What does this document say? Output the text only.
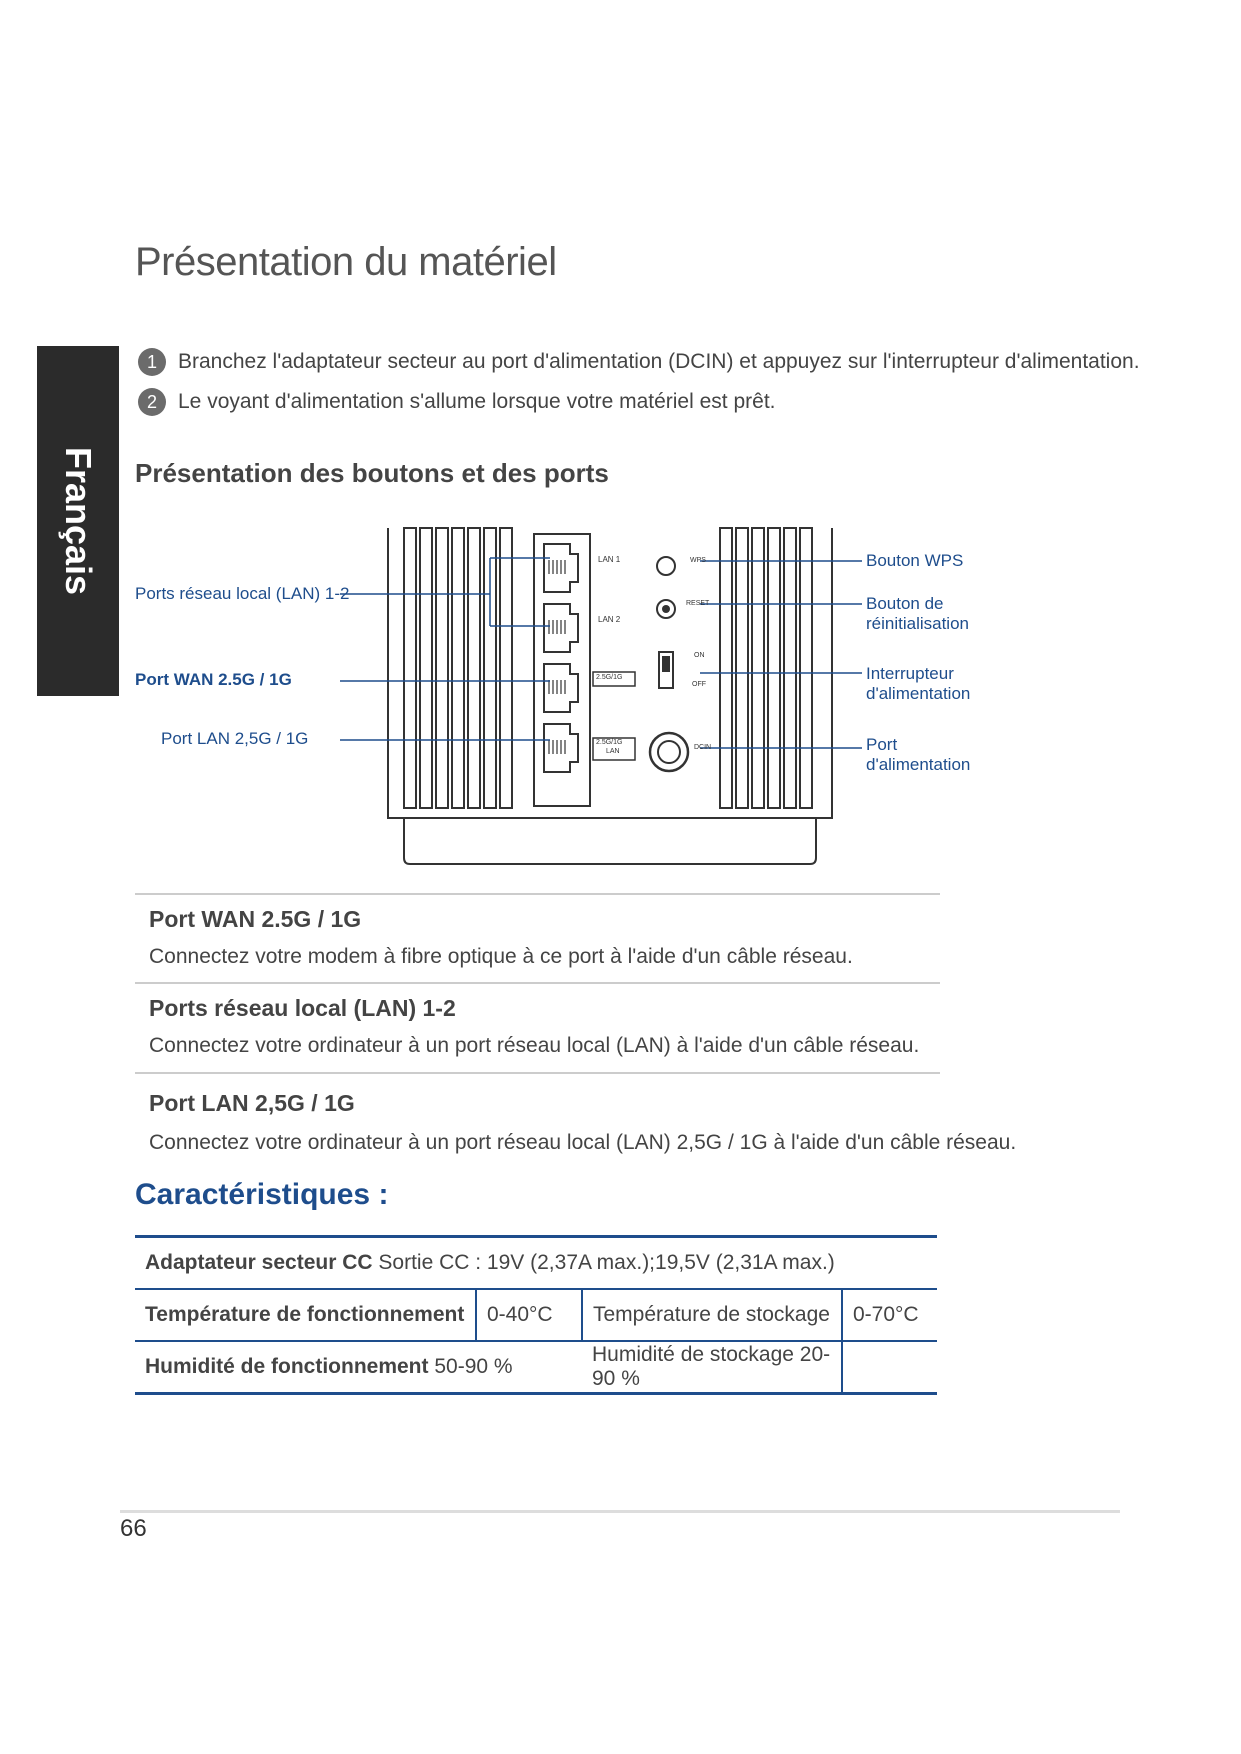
Présentation du matériel
Français
1	Branchez l'adaptateur secteur au port d'alimentation (DCIN) et appuyez sur l'interrupteur d'alimentation.
2	Le voyant d'alimentation s'allume lorsque votre matériel est prêt.
Présentation des boutons et des ports
LAN 1
LAN 2
2.5G/1G
2.5G/1G
LAN
WPS
RESET
ON
OFF
DCIN
Ports réseau local (LAN) 1-2
Port WAN 2.5G / 1G
Port LAN 2,5G / 1G
Bouton WPS
Bouton de
réinitialisation
Interrupteur
d'alimentation
Port
d'alimentation
Port WAN 2.5G / 1G
Connectez votre modem à fibre optique à ce port à l'aide d'un câble réseau.
Ports réseau local (LAN) 1-2
Connectez votre ordinateur à un port réseau local (LAN) à l'aide d'un câble réseau.
Port LAN 2,5G / 1G
Connectez votre ordinateur à un port réseau local (LAN) 2,5G / 1G à l'aide d'un câble réseau.
Caractéristiques :
Adaptateur secteur CC Sortie CC : 19V (2,37A max.);19,5V (2,31A max.)			
Température de fonctionnement	0-40°C	Température de stockage	0-70°C
Humidité de fonctionnement 50-90 %		Humidité de stockage 20-90 %	
66
